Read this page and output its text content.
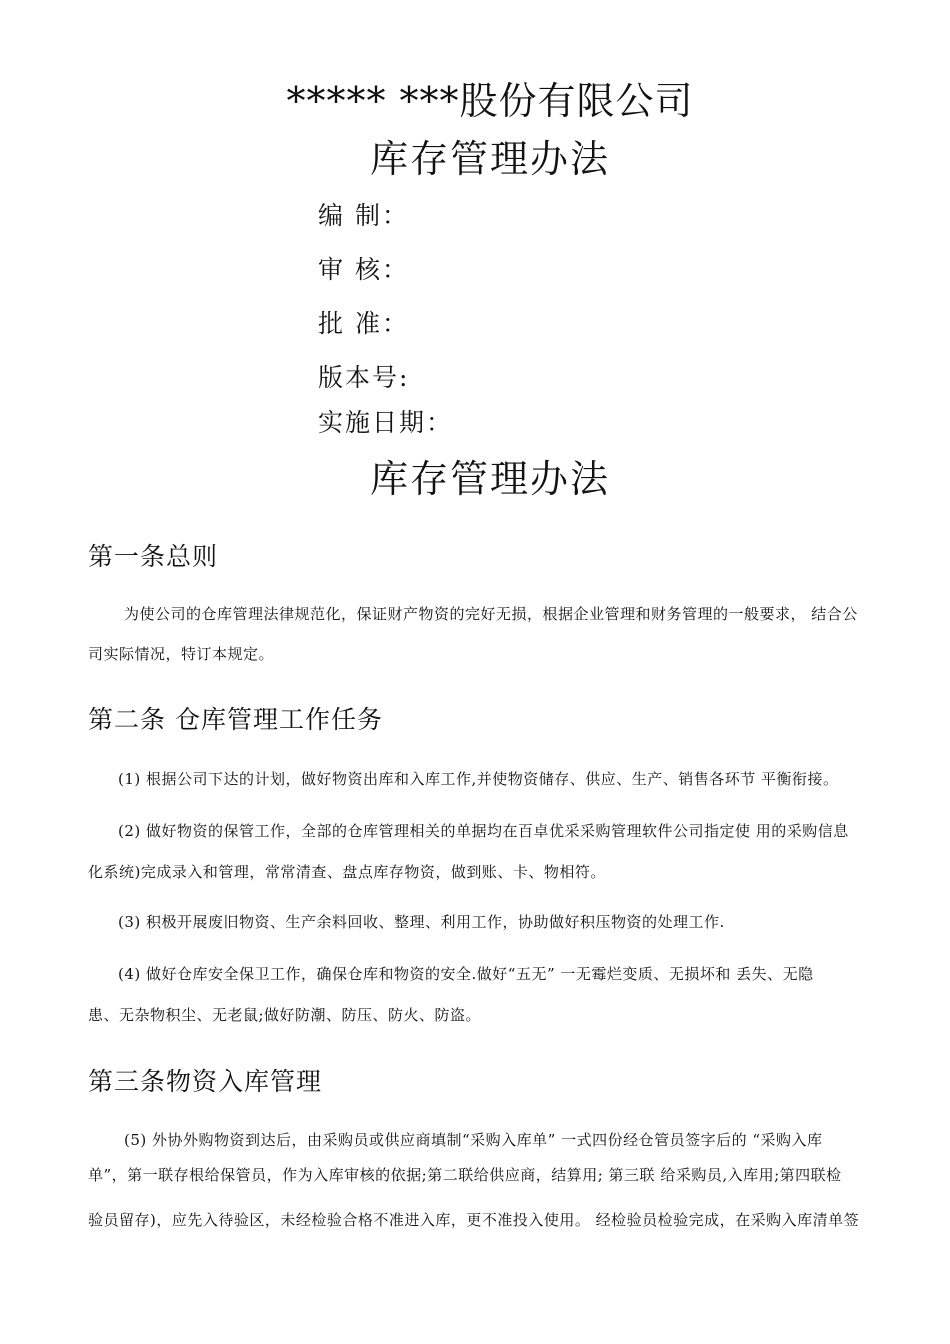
***** ***股份有限公司
库存管理办法
编 制：
审 核：
批 准：
版本号:
实施日期：
库存管理办法
第一条总则
为使公司的仓库管理法律规范化，保证财产物资的完好无损，根据企业管理和财务管理的一般要求， 结合公
司实际情况，特订本规定。
第二条 仓库管理工作任务
(1) 根据公司下达的计划，做好物资出库和入库工作,并使物资储存、供应、生产、销售各环节 平衡衔接。
(2) 做好物资的保管工作，全部的仓库管理相关的单据均在百卓优采采购管理软件公司指定使 用的采购信息
化系统)完成录入和管理，常常清查、盘点库存物资，做到账、卡、物相符。
(3) 积极开展废旧物资、生产余料回收、整理、利用工作，协助做好积压物资的处理工作.
(4) 做好仓库安全保卫工作，确保仓库和物资的安全.做好“五无” 一无霉烂变质、无损坏和 丢失、无隐
患、无杂物积尘、无老鼠;做好防潮、防压、防火、防盗。
第三条物资入库管理
(5) 外协外购物资到达后，由采购员或供应商填制“采购入库单” 一式四份经仓管员签字后的 “采购入库
单”，第一联存根给保管员，作为入库审核的依据;第二联给供应商，结算用; 第三联 给采购员,入库用;第四联检
验员留存)，应先入待验区，未经检验合格不准进入库，更不准投入使用。 经检验员检验完成，在采购入库清单签
